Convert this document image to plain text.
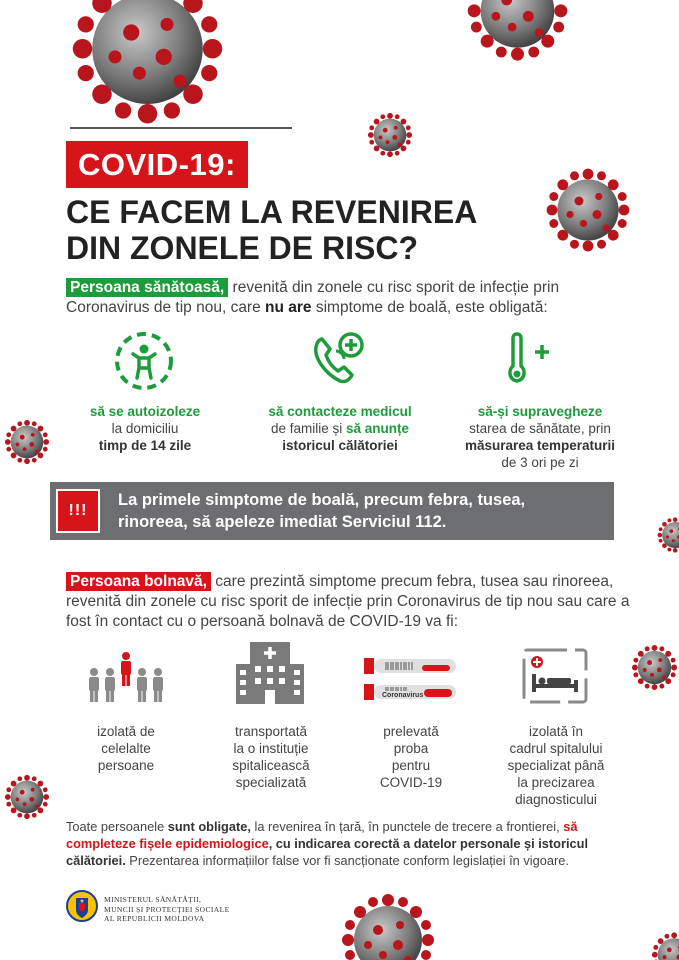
COVID-19:
CE FACEM LA REVENIREA
DIN ZONELE DE RISC?
Persoana sănătoasă, revenită din zonele cu risc sporit de infecție prin Coronavirus de tip nou, care nu are simptome de boală, este obligată:
să se autoizoleze
la domiciliu
timp de 14 zile
să contacteze medicul
de familie și să anunțe
istoricul călătoriei
să-și supravegheze
starea de sănătate, prin
măsurarea temperaturii
de 3 ori pe zi
!!!
La primele simptome de boală, precum febra, tusea, rinoreea, să apeleze imediat Serviciul 112.
Persoana bolnavă, care prezintă simptome precum febra, tusea sau rinoreea, revenită din zonele cu risc sporit de infecție prin Coronavirus de tip nou sau care a fost în contact cu o persoană bolnavă de COVID-19 va fi:
Coronavirus
izolată de
celelalte
persoane
transportată
la o instituție
spitalicească
specializată
prelevată
proba
pentru
COVID-19
izolată în
cadrul spitalului
specializat până
la precizarea
diagnosticului
Toate persoanele sunt obligate, la revenirea în țară, în punctele de trecere a frontierei, să completeze fișele epidemiologice, cu indicarea corectă a datelor personale și istoricul călătoriei. Prezentarea informațiilor false vor fi sancționate conform legislației în vigoare.
MINISTERUL SĂNĂTĂȚII,
MUNCII ȘI PROTECȚIEI SOCIALE
AL REPUBLICII MOLDOVA
